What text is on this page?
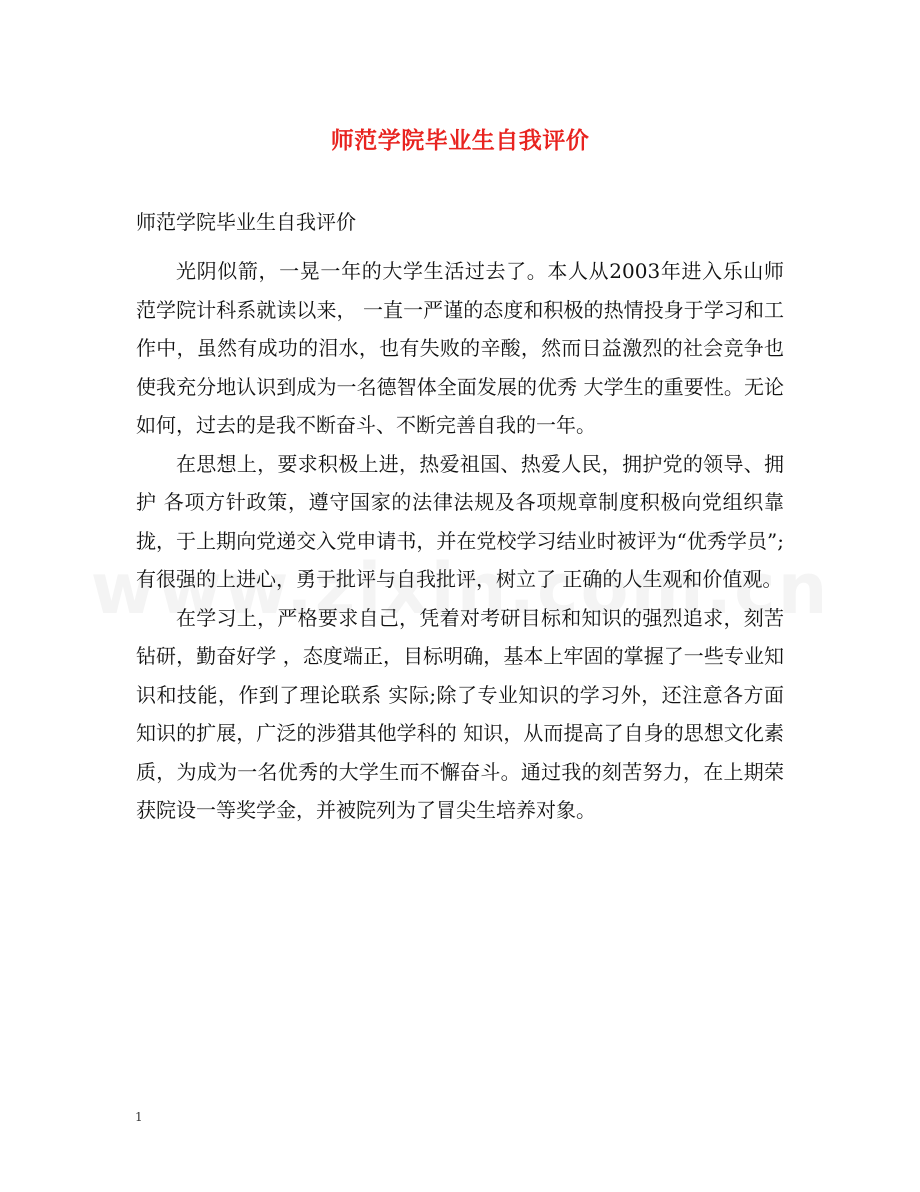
师范学院毕业生自我评价
师范学院毕业生自我评价

光阴似箭，一晃一年的大学生活过去了。本人从2003年进入乐山师范学院计科系就读以来， 一直一严谨的态度和积极的热情投身于学习和工作中，虽然有成功的泪水，也有失败的辛酸，然而日益激烈的社会竞争也使我充分地认识到成为一名德智体全面发展的优秀 大学生的重要性。无论如何，过去的是我不断奋斗、不断完善自我的一年。

在思想上，要求积极上进，热爱祖国、热爱人民，拥护党的领导、拥护 各项方针政策，遵守国家的法律法规及各项规章制度积极向党组织靠拢，于上期向党递交入党申请书，并在党校学习结业时被评为“优秀学员”;有很强的上进心，勇于批评与自我批评，树立了 正确的人生观和价值观。

在学习上，严格要求自己，凭着对考研目标和知识的强烈追求，刻苦钻研，勤奋好学 ，态度端正，目标明确，基本上牢固的掌握了一些专业知识和技能，作到了理论联系 实际;除了专业知识的学习外，还注意各方面知识的扩展，广泛的涉猎其他学科的 知识，从而提高了自身的思想文化素质，为成为一名优秀的大学生而不懈奋斗。通过我的刻苦努力，在上期荣获院设一等奖学金，并被院列为了冒尖生培养对象。

1
